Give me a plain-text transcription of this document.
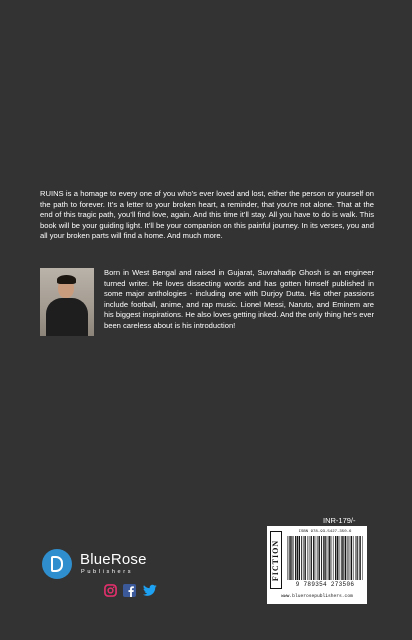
RUINS is a homage to every one of you who’s ever loved and lost, either the person or yourself on the path to forever. It’s a letter to your broken heart, a reminder, that you’re not alone. That at the end of this tragic path, you’ll find love, again. And this time it’ll stay. All you have to do is walk. This book will be your guiding light. It’ll be your companion on this painful journey. In its verses, you and all your broken parts will find a home. And much more.

Born in West Bengal and raised in Gujarat, Suvrahadip Ghosh is an engineer turned writer. He loves dissecting words and has gotten himself published in some major anthologies - including one with Durjoy Dutta. His other passions include football, anime, and rap music. Lionel Messi, Naruto, and Eminem are his biggest inspirations. He also loves getting inked. And the only thing he’s ever been careless about is his introduction!

INR-179/-

FICTION
ISBN 978-93-5427-350-6
9 789354 273506
www.bluerosepublishers.com

BlueRose

Publishers
